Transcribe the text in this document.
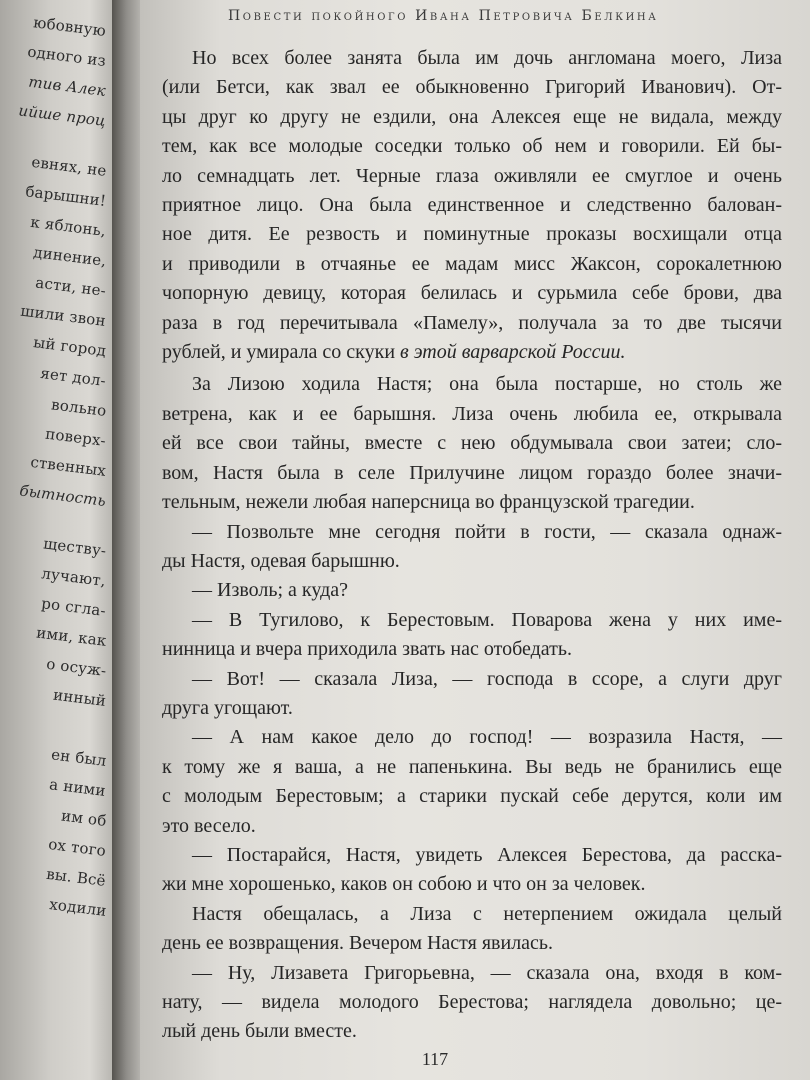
юбовную
одного из
тив Алек
ийше проц
евнях, не
барышни!
к яблонь,
динение,
асти, не-
шили звон
ый город
яет дол-
вольно
поверх-
ственных
бытность
ществу-
лучают,
ро сгла-
ими, как
о осуж-
инный
ен был
а ними
им об
ох того
вы. Всё
ходили
Повести покойного Ивана Петровича Белкина
Но всех более занята была им дочь англомана моего, Лиза
(или Бетси, как звал ее обыкновенно Григорий Иванович). От-
цы друг ко другу не ездили, она Алексея еще не видала, между
тем, как все молодые соседки только об нем и говорили. Ей бы-
ло семнадцать лет. Черные глаза оживляли ее смуглое и очень
приятное лицо. Она была единственное и следственно балован-
ное дитя. Ее резвость и поминутные проказы восхищали отца
и приводили в отчаянье ее мадам мисс Жаксон, сорокалетнюю
чопорную девицу, которая белилась и сурьмила себе брови, два
раза в год перечитывала «Памелу», получала за то две тысячи
рублей, и умирала со скуки в этой варварской России.
За Лизою ходила Настя; она была постарше, но столь же
ветрена, как и ее барышня. Лиза очень любила ее, открывала
ей все свои тайны, вместе с нею обдумывала свои затеи; сло-
вом, Настя была в селе Прилучине лицом гораздо более значи-
тельным, нежели любая наперсница во французской трагедии.
— Позвольте мне сегодня пойти в гости, — сказала однаж-
ды Настя, одевая барышню.
— Изволь; а куда?
— В Тугилово, к Берестовым. Поварова жена у них име-
нинница и вчера приходила звать нас отобедать.
— Вот! — сказала Лиза, — господа в ссоре, а слуги друг
друга угощают.
— А нам какое дело до господ! — возразила Настя, —
к тому же я ваша, а не папенькина. Вы ведь не бранились еще
с молодым Берестовым; а старики пускай себе дерутся, коли им
это весело.
— Постарайся, Настя, увидеть Алексея Берестова, да расска-
жи мне хорошенько, каков он собою и что он за человек.
Настя обещалась, а Лиза с нетерпением ожидала целый
день ее возвращения. Вечером Настя явилась.
— Ну, Лизавета Григорьевна, — сказала она, входя в ком-
нату, — видела молодого Берестова; наглядела довольно; це-
лый день были вместе.
117
